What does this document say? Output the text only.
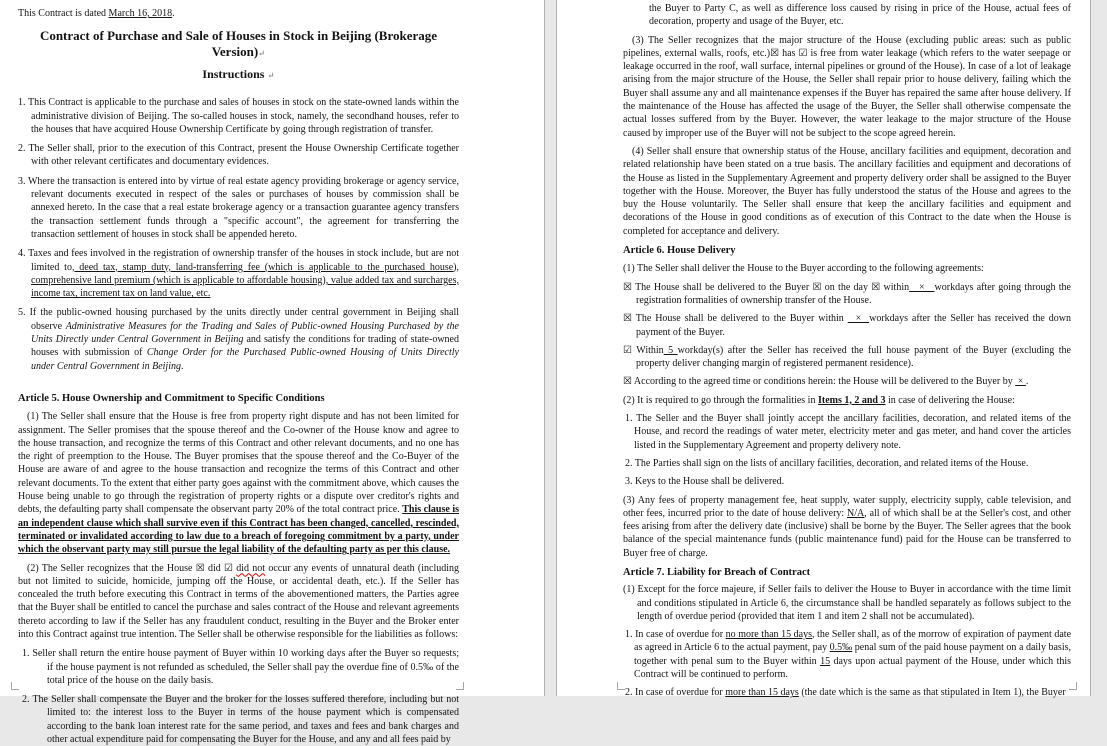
This Contract is dated March 16, 2018.
Contract of Purchase and Sale of Houses in Stock in Beijing (Brokerage Version)↵
Instructions ↵
1. This Contract is applicable to the purchase and sales of houses in stock on the state-owned lands within the administrative division of Beijing. The so-called houses in stock, namely, the secondhand houses, refer to the houses that have acquired House Ownership Certificate by going through registration of transfer.
2. The Seller shall, prior to the execution of this Contract, present the House Ownership Certificate together with other relevant certificates and documentary evidences.
3. Where the transaction is entered into by virtue of real estate agency providing brokerage or agency service, relevant documents executed in respect of the sales or purchases of houses by commission shall be annexed hereto. In the case that a real estate brokerage agency or a transaction guarantee agency transfers the transaction settlement funds through a "specific account", the agreement for transferring the transaction settlement of houses in stock shall be appended hereto.
4. Taxes and fees involved in the registration of ownership transfer of the houses in stock include, but are not limited to, deed tax, stamp duty, land-transferring fee (which is applicable to the purchased house), comprehensive land premium (which is applicable to affordable housing), value added tax and surcharges, income tax, increment tax on land value, etc.
5. If the public-owned housing purchased by the units directly under central government in Beijing shall observe Administrative Measures for the Trading and Sales of Public-owned Housing Purchased by the Units Directly under Central Government in Beijing and satisfy the conditions for trading of state-owned houses with submission of Change Order for the Purchased Public-owned Housing of Units Directly under Central Government in Beijing.
Article 5. House Ownership and Commitment to Specific Conditions
(1) The Seller shall ensure that the House is free from property right dispute and has not been limited for assignment. The Seller promises that the spouse thereof and the Co-owner of the House know and agree to the house transaction, and recognize the terms of this Contract and other relevant documents, and no one has the right of preemption to the House. The Buyer promises that the spouse thereof and the Co-Buyer of the House are aware of and agree to the house transaction and recognize the terms of this Contract and other relevant documents. To the extent that either party goes against with the commitment above, which causes the House being unable to go through the registration of property rights or a dispute over creditor's rights and debts, the defaulting party shall compensate the observant party 20% of the total contract price. This clause is an independent clause which shall survive even if this Contract has been changed, cancelled, rescinded, terminated or invalidated according to law due to a breach of foregoing commitment by a party, under which the observant party may still pursue the legal liability of the defaulting party as per this clause.
(2) The Seller recognizes that the House ☒ did ☑ did not occur any events of unnatural death (including but not limited to suicide, homicide, jumping off the House, or accidental death, etc.). If the Seller has concealed the truth before executing this Contract in terms of the abovementioned matters, the Parties agree that the Buyer shall be entitled to cancel the purchase and sales contract of the House and relevant agreements thereto according to law if the Seller has any fraudulent conduct, resulting in the Buyer and the Broker enter into this Contract against true intention. The Seller shall be otherwise responsible for the liabilities as follows:
1. Seller shall return the entire house payment of Buyer within 10 working days after the Buyer so requests; if the house payment is not refunded as scheduled, the Seller shall pay the overdue fine of 0.5‰ of the total price of the house on the daily basis.
2. The Seller shall compensate the Buyer and the broker for the losses suffered therefore, including but not limited to: the interest loss to the Buyer in terms of the house payment which is compensated according to the bank loan interest rate for the same period, and taxes and fees and bank charges and other actual expenditure paid for compensating the Buyer for the House, and any and all fees paid by
the Buyer to Party C, as well as difference loss caused by rising in price of the House, actual fees of decoration, property and usage of the Buyer, etc.
(3) The Seller recognizes that the major structure of the House (excluding public areas: such as public pipelines, external walls, roofs, etc.)☒ has ☑ is free from water leakage (which refers to the water seepage or leakage occurred in the roof, wall surface, internal pipelines or ground of the House). In case of a lot of leakage arising from the major structure of the House, the Seller shall repair prior to house delivery, failing which the Buyer shall assume any and all maintenance expenses if the Buyer has repaired the same after house delivery. If the maintenance of the House has affected the usage of the Buyer, the Seller shall otherwise compensate the actual losses suffered from by the Buyer. However, the water leakage to the major structure of the House caused by improper use of the Buyer will not be subject to the scope agreed herein.
(4) Seller shall ensure that ownership status of the House, ancillary facilities and equipment, decoration and related relationship have been stated on a true basis. The ancillary facilities and equipment and decorations of the House as listed in the Supplementary Agreement and property delivery order shall be assigned to the Buyer together with the House. Moreover, the Buyer has fully understood the status of the House and agrees to the buy the House voluntarily. The Seller shall ensure that keep the ancillary facilities and equipment and decorations of the House in good conditions as of execution of this Contract to the date when the House is completed for acceptance and delivery.
Article 6. House Delivery
(1) The Seller shall deliver the House to the Buyer according to the following agreements:
☒ The House shall be delivered to the Buyer ☒ on the day ☒ within   ×   workdays after going through the registration formalities of ownership transfer of the House.
☒ The House shall be delivered to the Buyer within   ×  workdays after the Seller has received the down payment of the Buyer.
☑ Within 5 workday(s) after the Seller has received the full house payment of the Buyer (excluding the property deliver changing margin of registered permanent residence).
☒ According to the agreed time or conditions herein: the House will be delivered to the Buyer by  × .
(2) It is required to go through the formalities in Items 1, 2 and 3 in case of delivering the House:
1. The Seller and the Buyer shall jointly accept the ancillary facilities, decoration, and related items of the House, and record the readings of water meter, electricity meter and gas meter, and hand cover the articles listed in the Supplementary Agreement and property delivery note.
2. The Parties shall sign on the lists of ancillary facilities, decoration, and related items of the House.
3. Keys to the House shall be delivered.
(3) Any fees of property management fee, heat supply, water supply, electricity supply, cable television, and other fees, incurred prior to the date of house delivery: N/A, all of which shall be at the Seller's cost, and other fees arising from after the delivery date (inclusive) shall be borne by the Buyer. The Seller agrees that the book balance of the special maintenance funds (public maintenance fund) paid for the House can be transferred to Buyer free of charge.
Article 7. Liability for Breach of Contract
(1) Except for the force majeure, if Seller fails to deliver the House to Buyer in accordance with the time limit and conditions stipulated in Article 6, the circumstance shall be handled separately as follows subject to the length of overdue period (provided that item 1 and item 2 shall not be accumulated).
1. In case of overdue for no more than 15 days, the Seller shall, as of the morrow of expiration of payment date as agreed in Article 6 to the actual payment, pay 0.5‰ penal sum of the paid house payment on a daily basis, together with penal sum to the Buyer within 15 days upon actual payment of the House, under which this Contract will be continued to perform.
2. In case of overdue for more than 15 days (the date which is the same as that stipulated in Item 1), the Buyer
